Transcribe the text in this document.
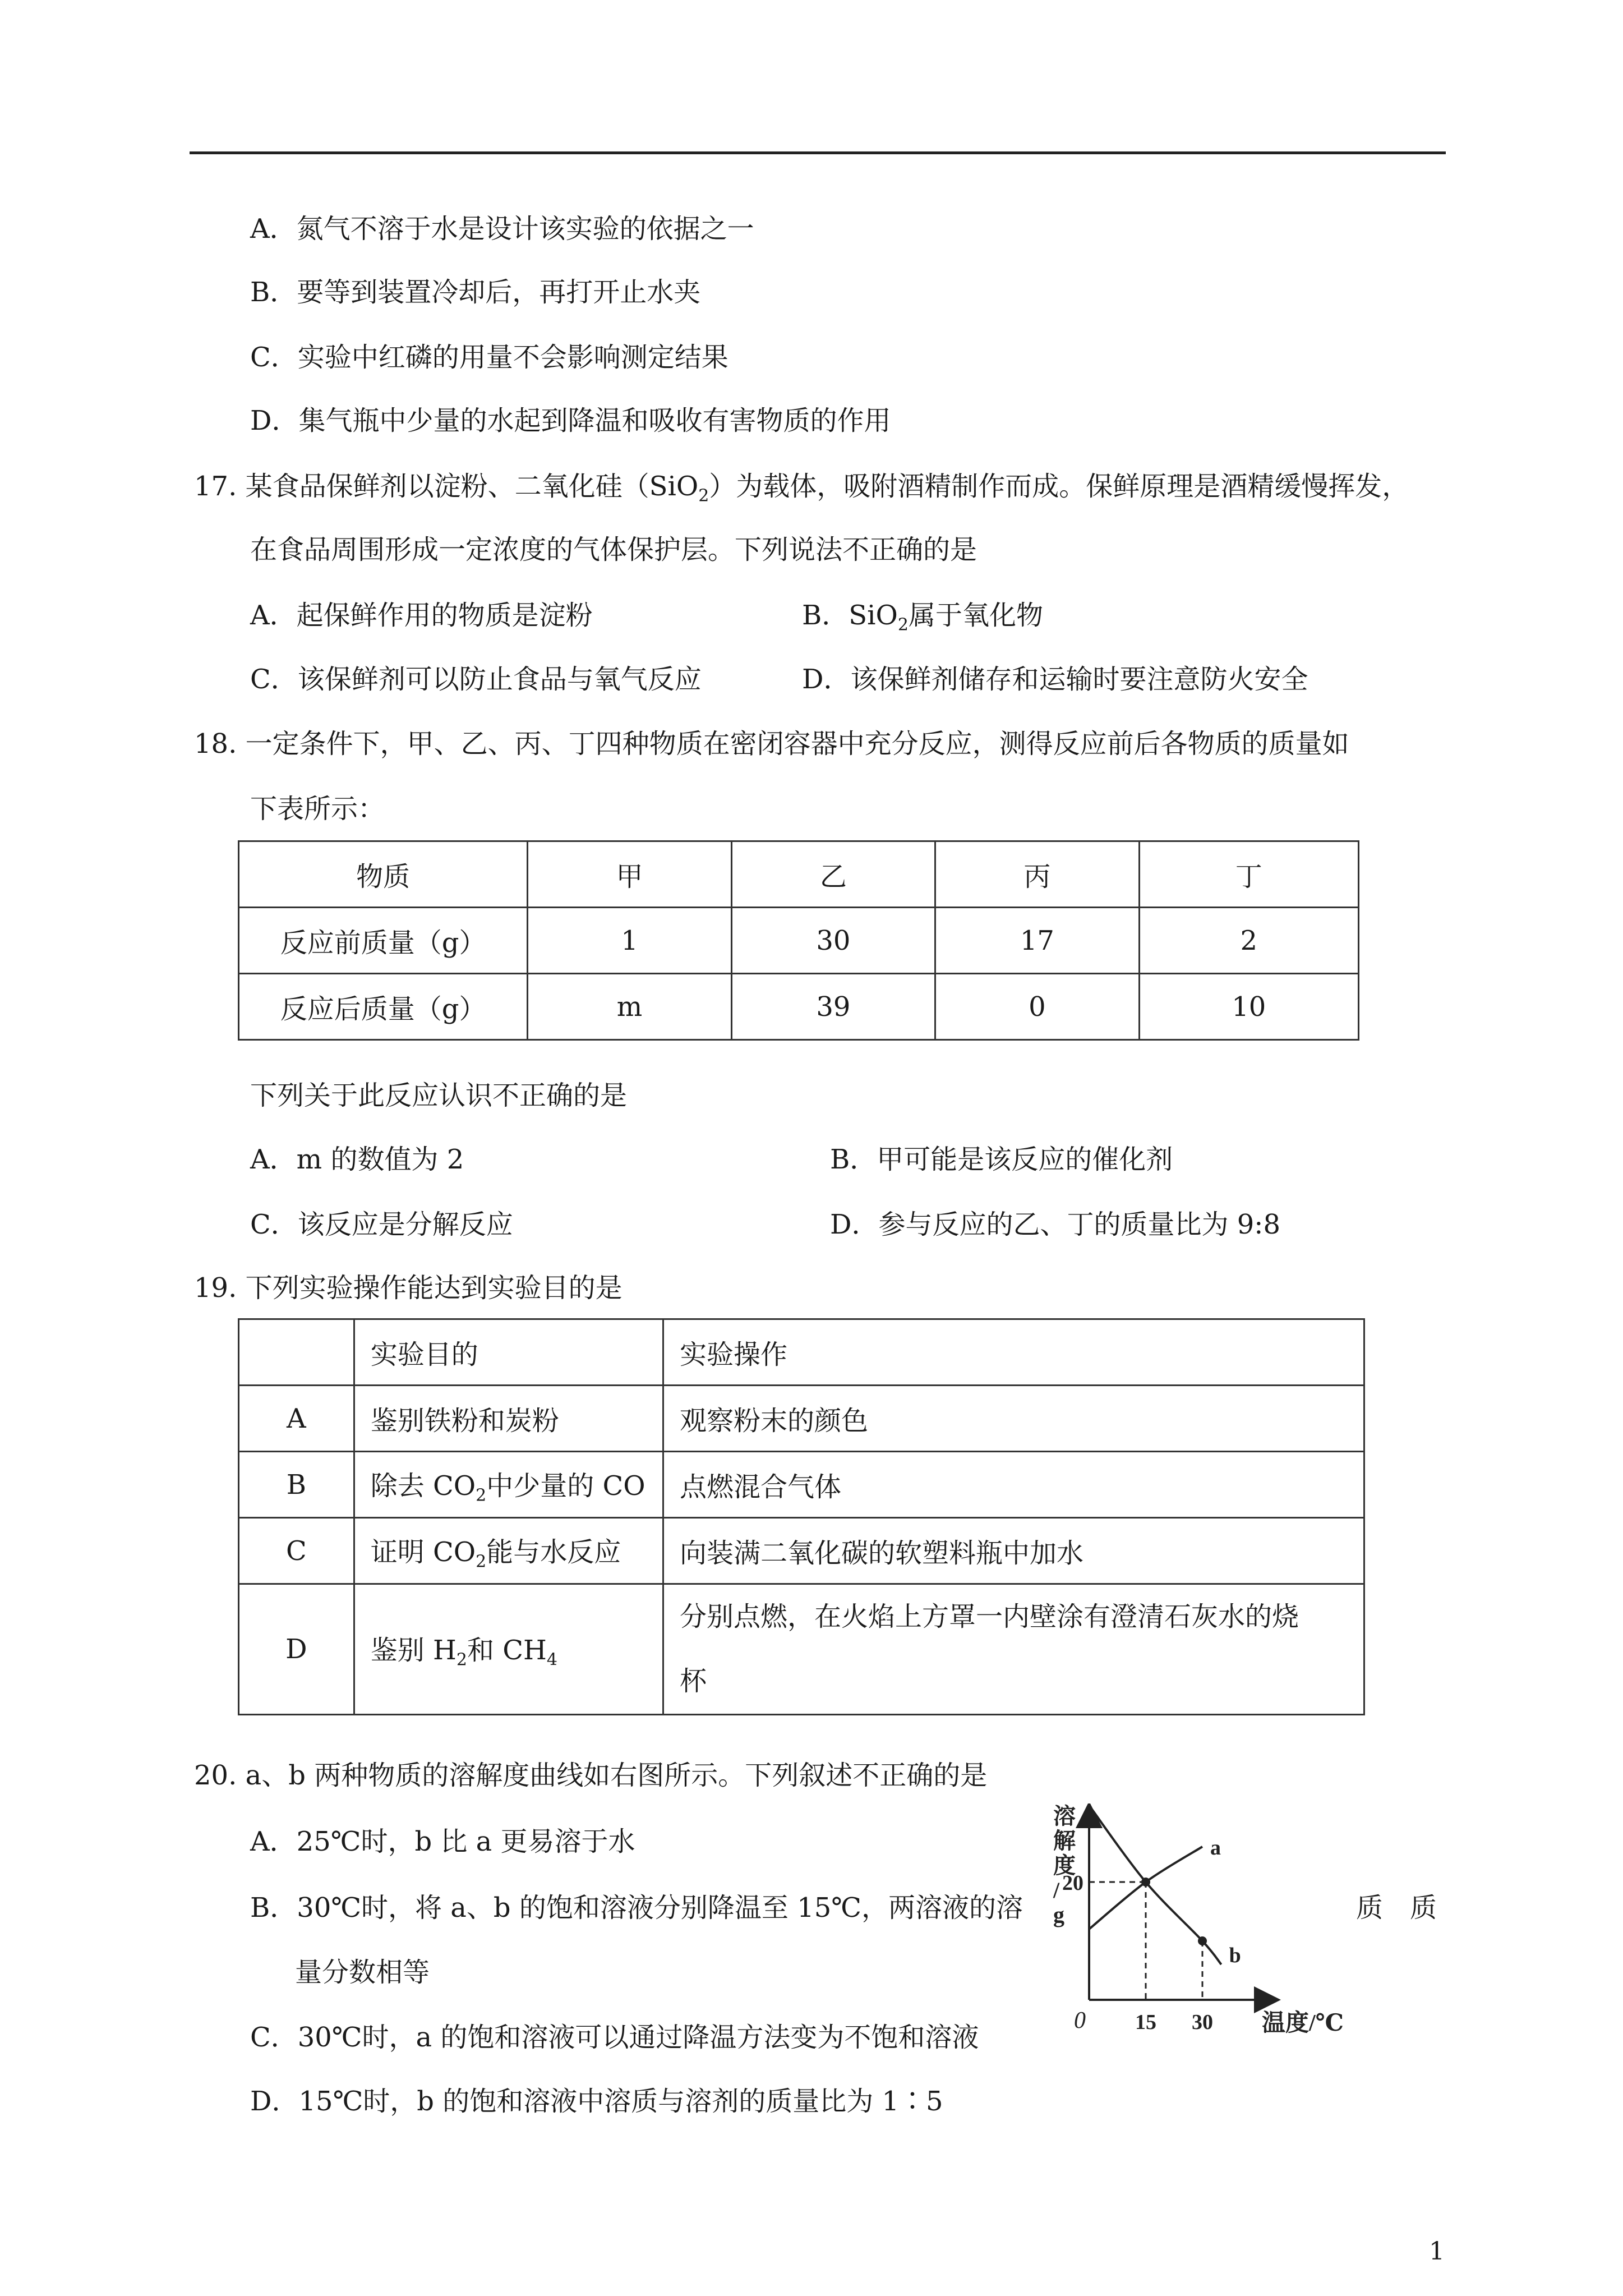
A．氮气不溶于水是设计该实验的依据之一
B．要等到装置冷却后，再打开止水夹
C．实验中红磷的用量不会影响测定结果
D．集气瓶中少量的水起到降温和吸收有害物质的作用
17. 某食品保鲜剂以淀粉、二氧化硅（SiO$_2$）为载体，吸附酒精制作而成。保鲜原理是酒精缓慢挥发，
在食品周围形成一定浓度的气体保护层。下列说法不正确的是
A．起保鲜作用的物质是淀粉	B．SiO$_2$属于氧化物
C．该保鲜剂可以防止食品与氧气反应	D．该保鲜剂储存和运输时要注意防火安全
18. 一定条件下，甲、乙、丙、丁四种物质在密闭容器中充分反应，测得反应前后各物质的质量如
下表所示：
物质	甲	乙	丙	丁
反应前质量（g）	1	30	17	2
反应后质量（g）	m	39	0	10
下列关于此反应认识不正确的是
A．m 的数值为 2	B．甲可能是该反应的催化剂
C．该反应是分解反应	D．参与反应的乙、丁的质量比为 9:8
19. 下列实验操作能达到实验目的是
	实验目的	实验操作
A	鉴别铁粉和炭粉	观察粉末的颜色
B	除去 $CO_2$中少量的 CO	点燃混合气体
C	证明 $CO_2$能与水反应	向装满二氧化碳的软塑料瓶中加水
D	鉴别 $H_2$和 $CH_4$	分别点燃，在火焰上方罩一内壁涂有澄清石灰水的烧
杯
20. a、b 两种物质的溶解度曲线如右图所示。下列叙述不正确的是
A．25℃时，b 比 a 更易溶于水
B．30℃时，将 a、b 的饱和溶液分别降温至 15℃，两溶液的溶	质　质
量分数相等
C．30℃时，a 的饱和溶液可以通过降温方法变为不饱和溶液
D．15℃时，b 的饱和溶液中溶质与溶剂的质量比为 1∶5
溶
解
度
/
g
温度/℃
0
a
b
15 30
20
1
